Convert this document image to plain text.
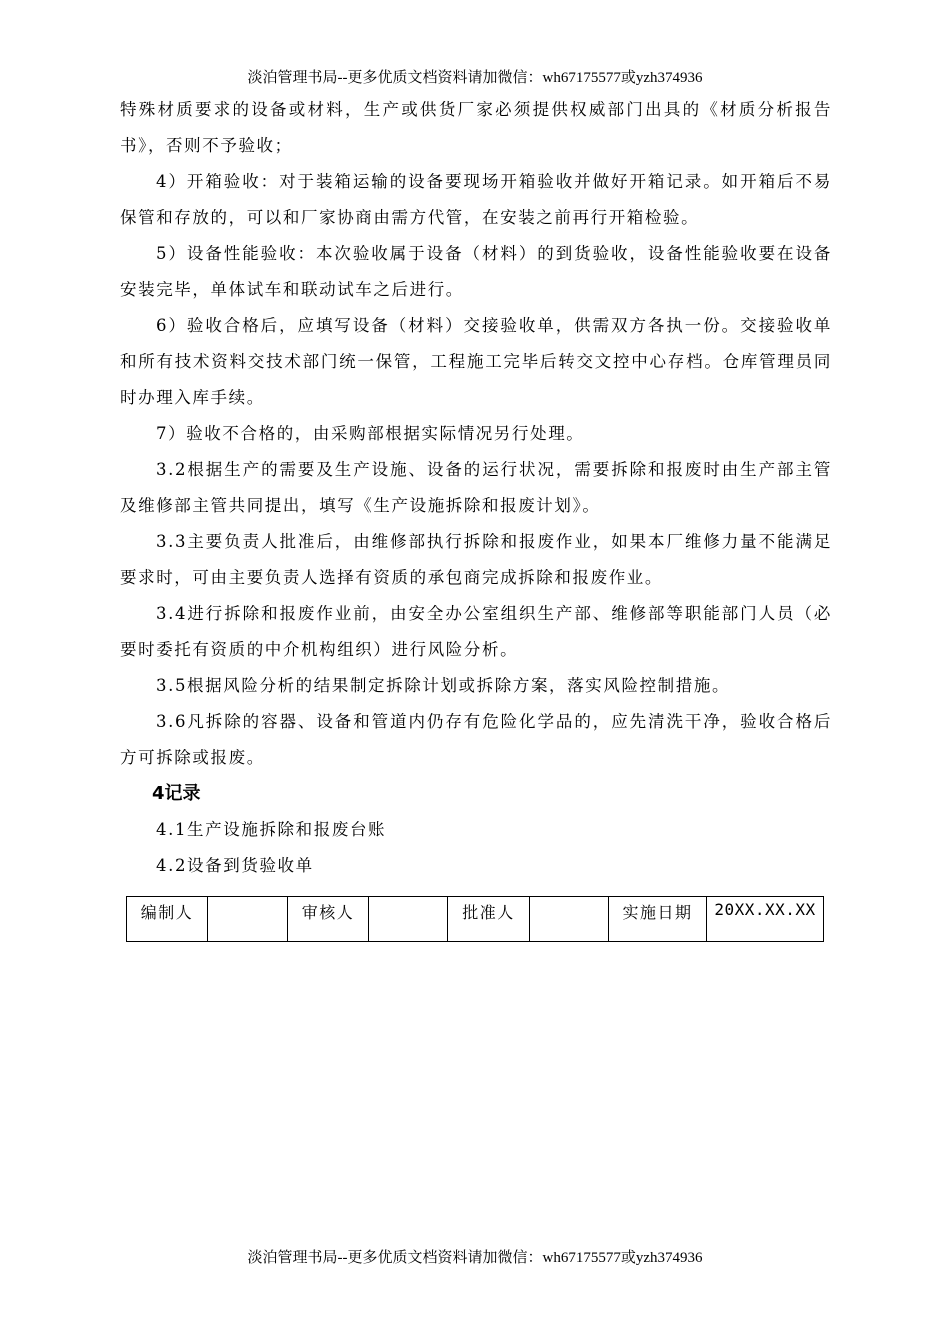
淡泊管理书局--更多优质文档资料请加微信：wh67175577或yzh374936

特殊材质要求的设备或材料，生产或供货厂家必须提供权威部门出具的《材质分析报告书》，否则不予验收；

4）开箱验收：对于装箱运输的设备要现场开箱验收并做好开箱记录。如开箱后不易保管和存放的，可以和厂家协商由需方代管，在安装之前再行开箱检验。

5）设备性能验收：本次验收属于设备（材料）的到货验收，设备性能验收要在设备安装完毕，单体试车和联动试车之后进行。

6）验收合格后，应填写设备（材料）交接验收单，供需双方各执一份。交接验收单和所有技术资料交技术部门统一保管，工程施工完毕后转交文控中心存档。仓库管理员同时办理入库手续。

7）验收不合格的，由采购部根据实际情况另行处理。

3.2根据生产的需要及生产设施、设备的运行状况，需要拆除和报废时由生产部主管及维修部主管共同提出，填写《生产设施拆除和报废计划》。

3.3主要负责人批准后，由维修部执行拆除和报废作业，如果本厂维修力量不能满足要求时，可由主要负责人选择有资质的承包商完成拆除和报废作业。

3.4进行拆除和报废作业前，由安全办公室组织生产部、维修部等职能部门人员（必要时委托有资质的中介机构组织）进行风险分析。

3.5根据风险分析的结果制定拆除计划或拆除方案，落实风险控制措施。

3.6凡拆除的容器、设备和管道内仍存有危险化学品的，应先清洗干净，验收合格后方可拆除或报废。

4记录

4.1生产设施拆除和报废台账

4.2设备到货验收单

编制人		审核人		批准人		实施日期	20XX.XX.XX
淡泊管理书局--更多优质文档资料请加微信：wh67175577或yzh374936
